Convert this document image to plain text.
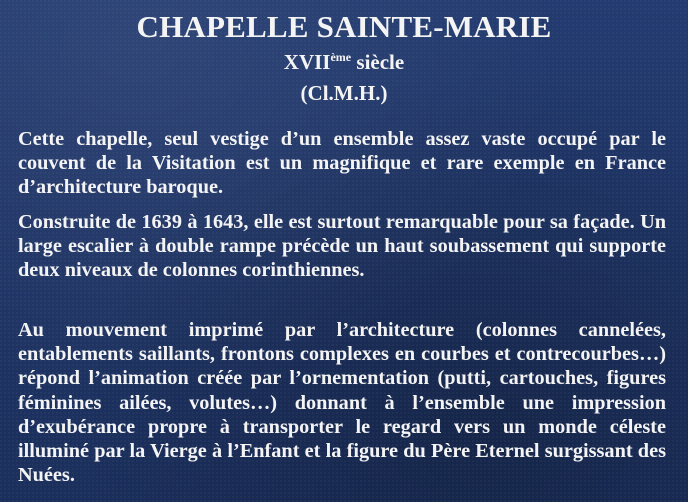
CHAPELLE SAINTE-MARIE
XVIIème siècle
(Cl.M.H.)

Cette chapelle, seul vestige d’un ensemble assez vaste occupé par le couvent de la Visitation est un magnifique et rare exemple en France d’architecture baroque.

Construite de 1639 à 1643, elle est surtout remarquable pour sa façade. Un large escalier à double rampe précède un haut soubassement qui supporte deux niveaux de colonnes corinthiennes.

Au mouvement imprimé par l’architecture (colonnes cannelées, entablements saillants, frontons complexes en courbes et contrecourbes…) répond l’animation créée par l’ornementation (putti, cartouches, figures féminines ailées, volutes…) donnant à l’ensemble une impression d’exubérance propre à transporter le regard vers un monde céleste illuminé par la Vierge à l’Enfant et la figure du Père Eternel surgissant des Nuées.
